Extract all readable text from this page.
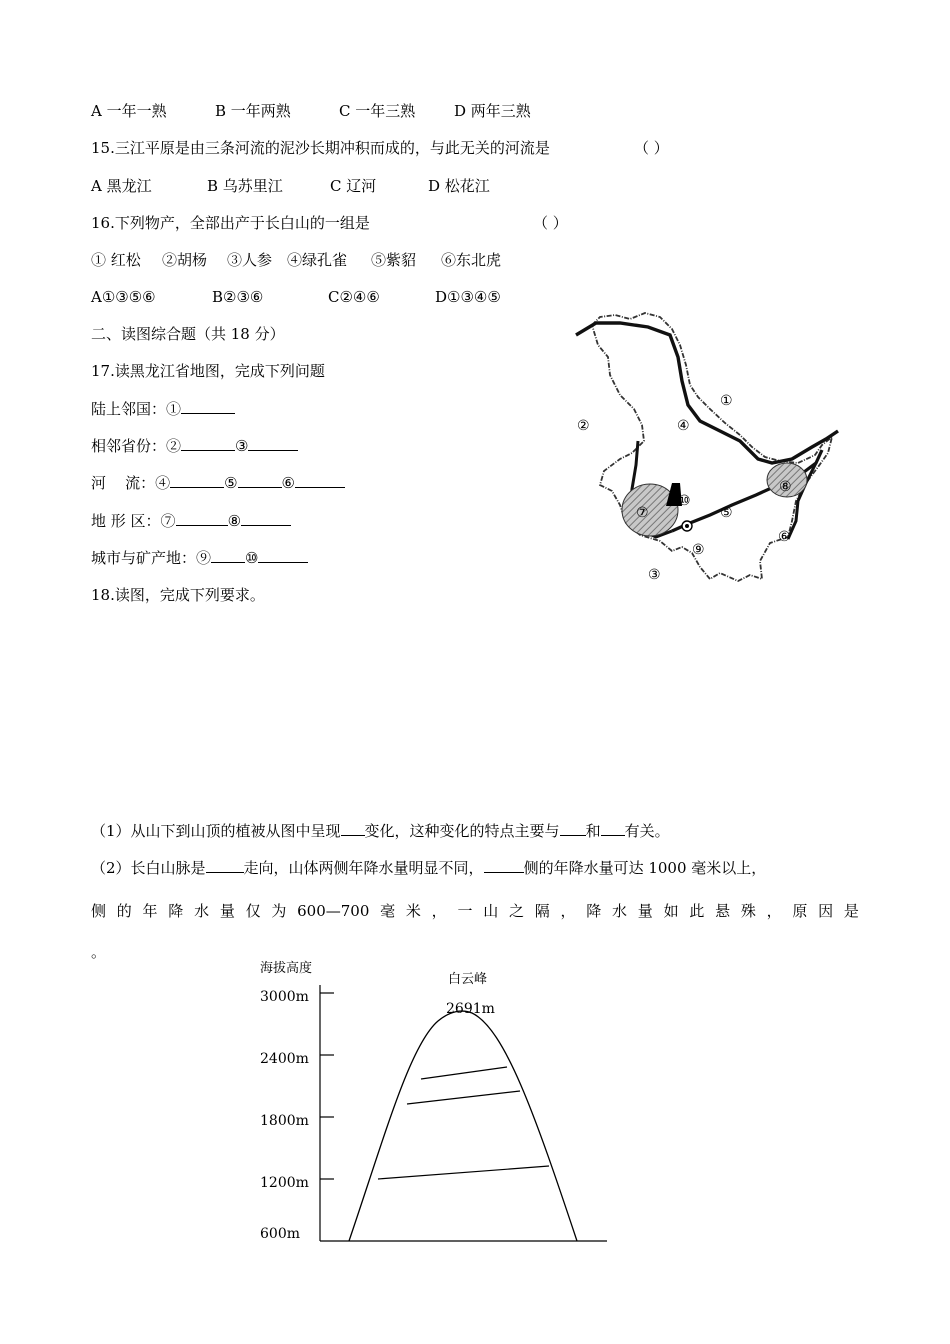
A 一年一熟	B 一年两熟	C 一年三熟	D 两年三熟
15.三江平原是由三条河流的泥沙长期冲积而成的，与此无关的河流是	（ ）
A 黑龙江	B 乌苏里江	C 辽河	D 松花江
16.下列物产，全部出产于长白山的一组是	（ ）
① 红松 ②胡杨 ③人参 ④绿孔雀 ⑤紫貂 ⑥东北虎
A①③⑤⑥	B②③⑥	C②④⑥	D①③④⑤
二、读图综合题（共 18 分）
17.读黑龙江省地图，完成下列问题
陆上邻国：①
相邻省份：②	③
河    流：④	⑤	⑥
地 形 区：⑦	⑧
城市与矿产地：⑨ ⑩
18.读图，完成下列要求。
①
②	④
⑧
⑩
⑦	⑤
⑥
⑨
③
（1）从山下到山顶的植被从图中呈现 变化，这种变化的特点主要与 和 有关。
（2）长白山脉是	走向，山体两侧年降水量明显不同，	侧的年降水量可达 1000 毫米以上，
侧 的 年 降 水 量 仅 为 600—700 毫 米 ， 一 山 之 隔 ， 降 水 量 如 此 悬 殊 ， 原 因 是
。
海拔高度
白云峰
2691m
3000m
2400m
1800m
1200m
600m
